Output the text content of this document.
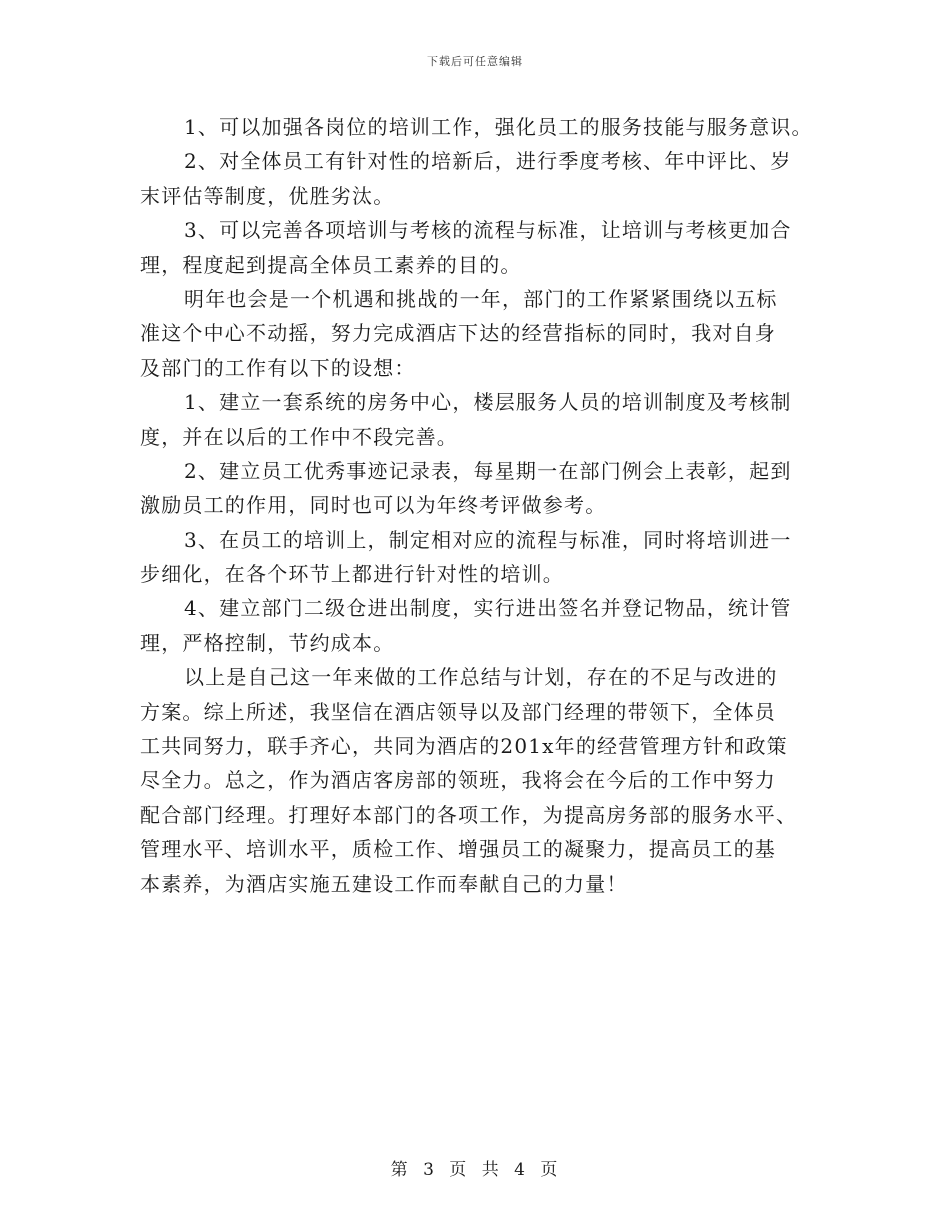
下载后可任意编辑
1、可以加强各岗位的培训工作，强化员工的服务技能与服务意识。
2、对全体员工有针对性的培新后，进行季度考核、年中评比、岁
末评估等制度，优胜劣汰。
3、可以完善各项培训与考核的流程与标准，让培训与考核更加合
理，程度起到提高全体员工素养的目的。
明年也会是一个机遇和挑战的一年，部门的工作紧紧围绕以五标
准这个中心不动摇，努力完成酒店下达的经营指标的同时，我对自身
及部门的工作有以下的设想：
1、建立一套系统的房务中心，楼层服务人员的培训制度及考核制
度，并在以后的工作中不段完善。
2、建立员工优秀事迹记录表，每星期一在部门例会上表彰，起到
激励员工的作用，同时也可以为年终考评做参考。
3、在员工的培训上，制定相对应的流程与标准，同时将培训进一
步细化，在各个环节上都进行针对性的培训。
4、建立部门二级仓进出制度，实行进出签名并登记物品，统计管
理，严格控制，节约成本。
以上是自己这一年来做的工作总结与计划，存在的不足与改进的
方案。综上所述，我坚信在酒店领导以及部门经理的带领下，全体员
工共同努力，联手齐心，共同为酒店的201x年的经营管理方针和政策
尽全力。总之，作为酒店客房部的领班，我将会在今后的工作中努力
配合部门经理。打理好本部门的各项工作，为提高房务部的服务水平、
管理水平、培训水平，质检工作、增强员工的凝聚力，提高员工的基
本素养，为酒店实施五建设工作而奉献自己的力量！
第 3 页 共 4 页
